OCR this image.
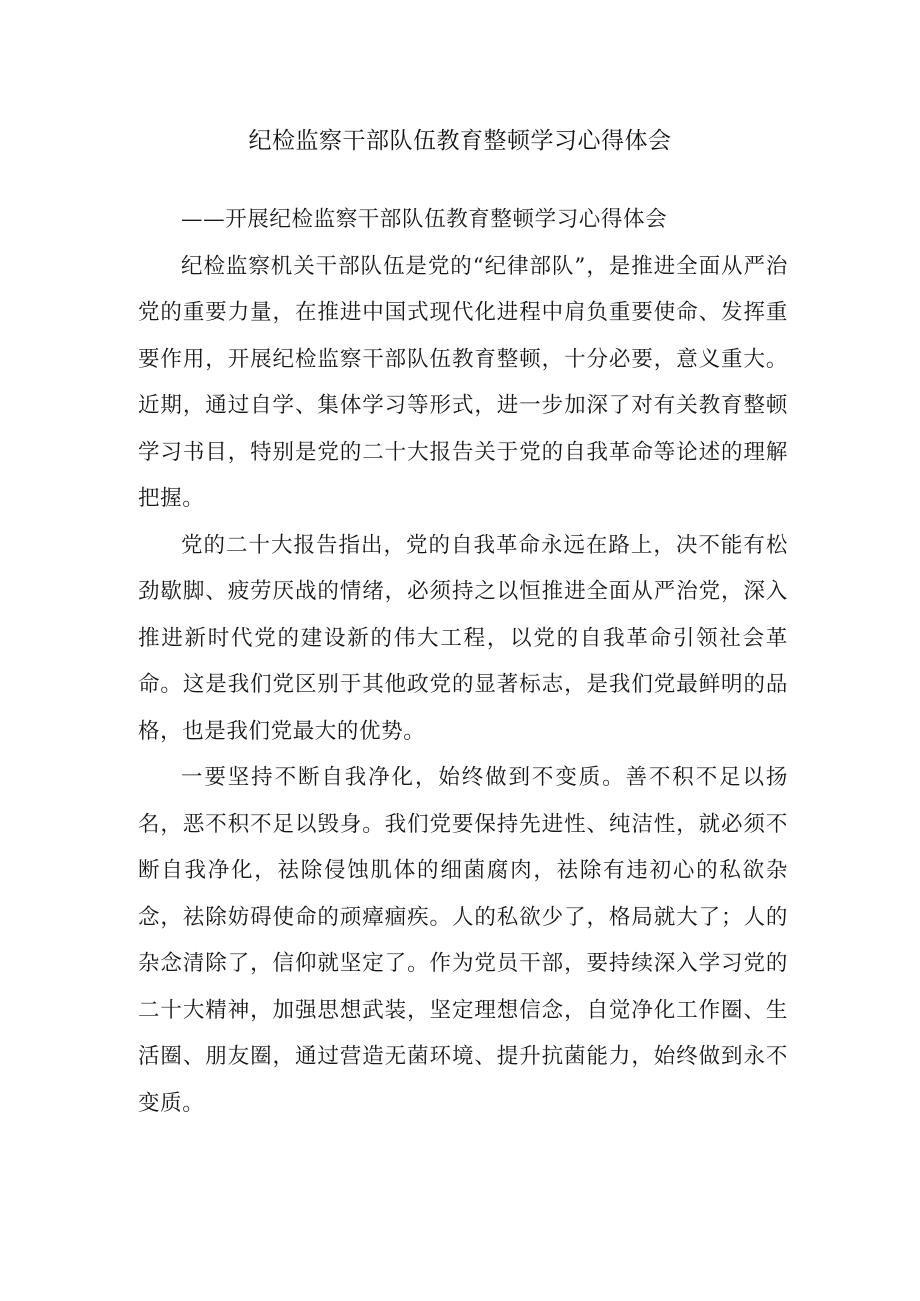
纪检监察干部队伍教育整顿学习心得体会

——开展纪检监察干部队伍教育整顿学习心得体会

纪检监察机关干部队伍是党的“纪律部队”，是推进全面从严治党的重要力量，在推进中国式现代化进程中肩负重要使命、发挥重要作用，开展纪检监察干部队伍教育整顿，十分必要，意义重大。近期，通过自学、集体学习等形式，进一步加深了对有关教育整顿学习书目，特别是党的二十大报告关于党的自我革命等论述的理解把握。

党的二十大报告指出，党的自我革命永远在路上，决不能有松劲歇脚、疲劳厌战的情绪，必须持之以恒推进全面从严治党，深入推进新时代党的建设新的伟大工程，以党的自我革命引领社会革命。这是我们党区别于其他政党的显著标志，是我们党最鲜明的品格，也是我们党最大的优势。

一要坚持不断自我净化，始终做到不变质。善不积不足以扬名，恶不积不足以毁身。我们党要保持先进性、纯洁性，就必须不断自我净化，祛除侵蚀肌体的细菌腐肉，祛除有违初心的私欲杂念，祛除妨碍使命的顽瘴痼疾。人的私欲少了，格局就大了；人的杂念清除了，信仰就坚定了。作为党员干部，要持续深入学习党的二十大精神，加强思想武装，坚定理想信念，自觉净化工作圈、生活圈、朋友圈，通过营造无菌环境、提升抗菌能力，始终做到永不变质。
